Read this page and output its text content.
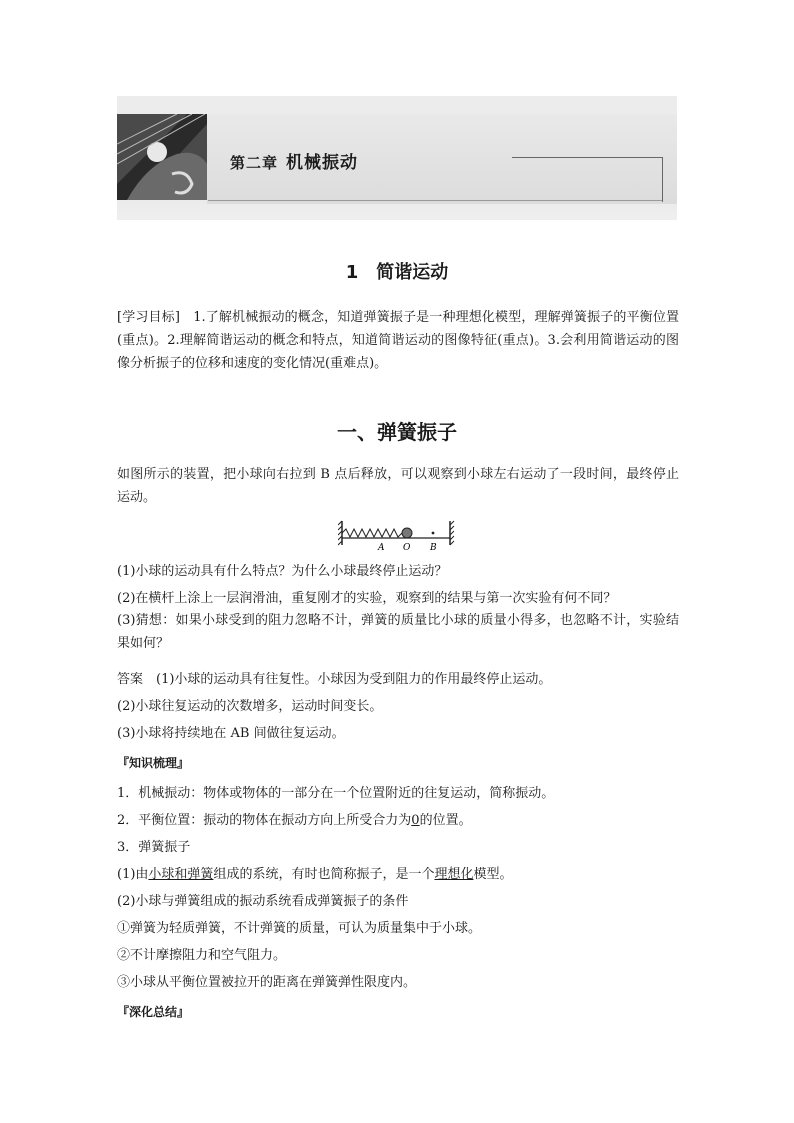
第二章 机械振动
1 简谐运动
[学习目标]　1.了解机械振动的概念，知道弹簧振子是一种理想化模型，理解弹簧振子的平衡位置(重点)。2.理解简谐运动的概念和特点，知道简谐运动的图像特征(重点)。3.会利用简谐运动的图像分析振子的位移和速度的变化情况(重难点)。
一、弹簧振子
如图所示的装置，把小球向右拉到 B 点后释放，可以观察到小球左右运动了一段时间，最终停止运动。
A O B
(1)小球的运动具有什么特点？为什么小球最终停止运动？
(2)在横杆上涂上一层润滑油，重复刚才的实验，观察到的结果与第一次实验有何不同？
(3)猜想：如果小球受到的阻力忽略不计，弹簧的质量比小球的质量小得多，也忽略不计，实验结果如何？
答案　(1)小球的运动具有往复性。小球因为受到阻力的作用最终停止运动。
(2)小球往复运动的次数增多，运动时间变长。
(3)小球将持续地在 AB 间做往复运动。
『知识梳理』
1．机械振动：物体或物体的一部分在一个位置附近的往复运动，简称振动。
2．平衡位置：振动的物体在振动方向上所受合力为0的位置。
3．弹簧振子
(1)由小球和弹簧组成的系统，有时也简称振子，是一个理想化模型。
(2)小球与弹簧组成的振动系统看成弹簧振子的条件
①弹簧为轻质弹簧，不计弹簧的质量，可认为质量集中于小球。
②不计摩擦阻力和空气阻力。
③小球从平衡位置被拉开的距离在弹簧弹性限度内。
『深化总结』
